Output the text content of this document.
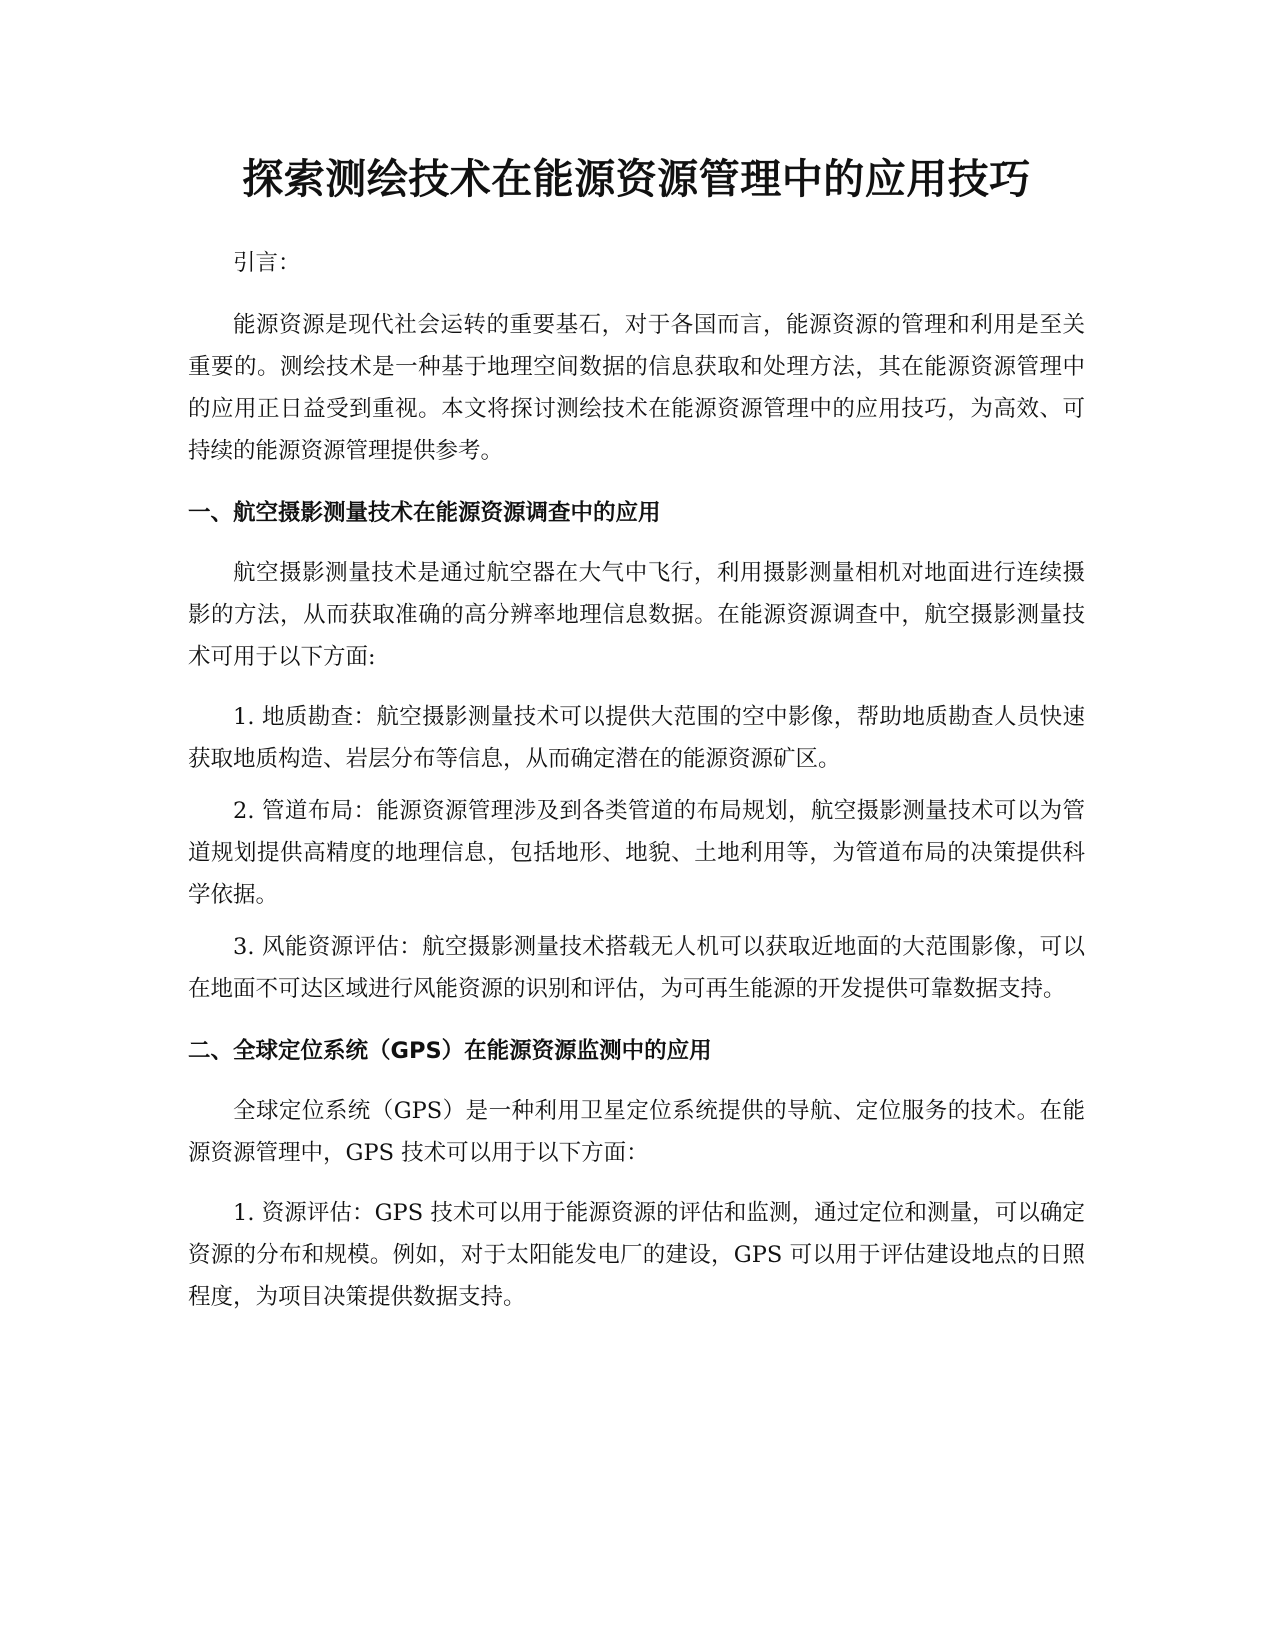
探索测绘技术在能源资源管理中的应用技巧

引言：

能源资源是现代社会运转的重要基石，对于各国而言，能源资源的管理和利用是至关重要的。测绘技术是一种基于地理空间数据的信息获取和处理方法，其在能源资源管理中的应用正日益受到重视。本文将探讨测绘技术在能源资源管理中的应用技巧，为高效、可持续的能源资源管理提供参考。

一、航空摄影测量技术在能源资源调查中的应用

航空摄影测量技术是通过航空器在大气中飞行，利用摄影测量相机对地面进行连续摄影的方法，从而获取准确的高分辨率地理信息数据。在能源资源调查中，航空摄影测量技术可用于以下方面:

1. 地质勘查：航空摄影测量技术可以提供大范围的空中影像，帮助地质勘查人员快速获取地质构造、岩层分布等信息，从而确定潜在的能源资源矿区。

2. 管道布局：能源资源管理涉及到各类管道的布局规划，航空摄影测量技术可以为管道规划提供高精度的地理信息，包括地形、地貌、土地利用等，为管道布局的决策提供科学依据。

3. 风能资源评估：航空摄影测量技术搭载无人机可以获取近地面的大范围影像，可以在地面不可达区域进行风能资源的识别和评估，为可再生能源的开发提供可靠数据支持。

二、全球定位系统（GPS）在能源资源监测中的应用

全球定位系统（GPS）是一种利用卫星定位系统提供的导航、定位服务的技术。在能源资源管理中，GPS 技术可以用于以下方面：

1. 资源评估：GPS 技术可以用于能源资源的评估和监测，通过定位和测量，可以确定资源的分布和规模。例如，对于太阳能发电厂的建设，GPS 可以用于评估建设地点的日照程度，为项目决策提供数据支持。
